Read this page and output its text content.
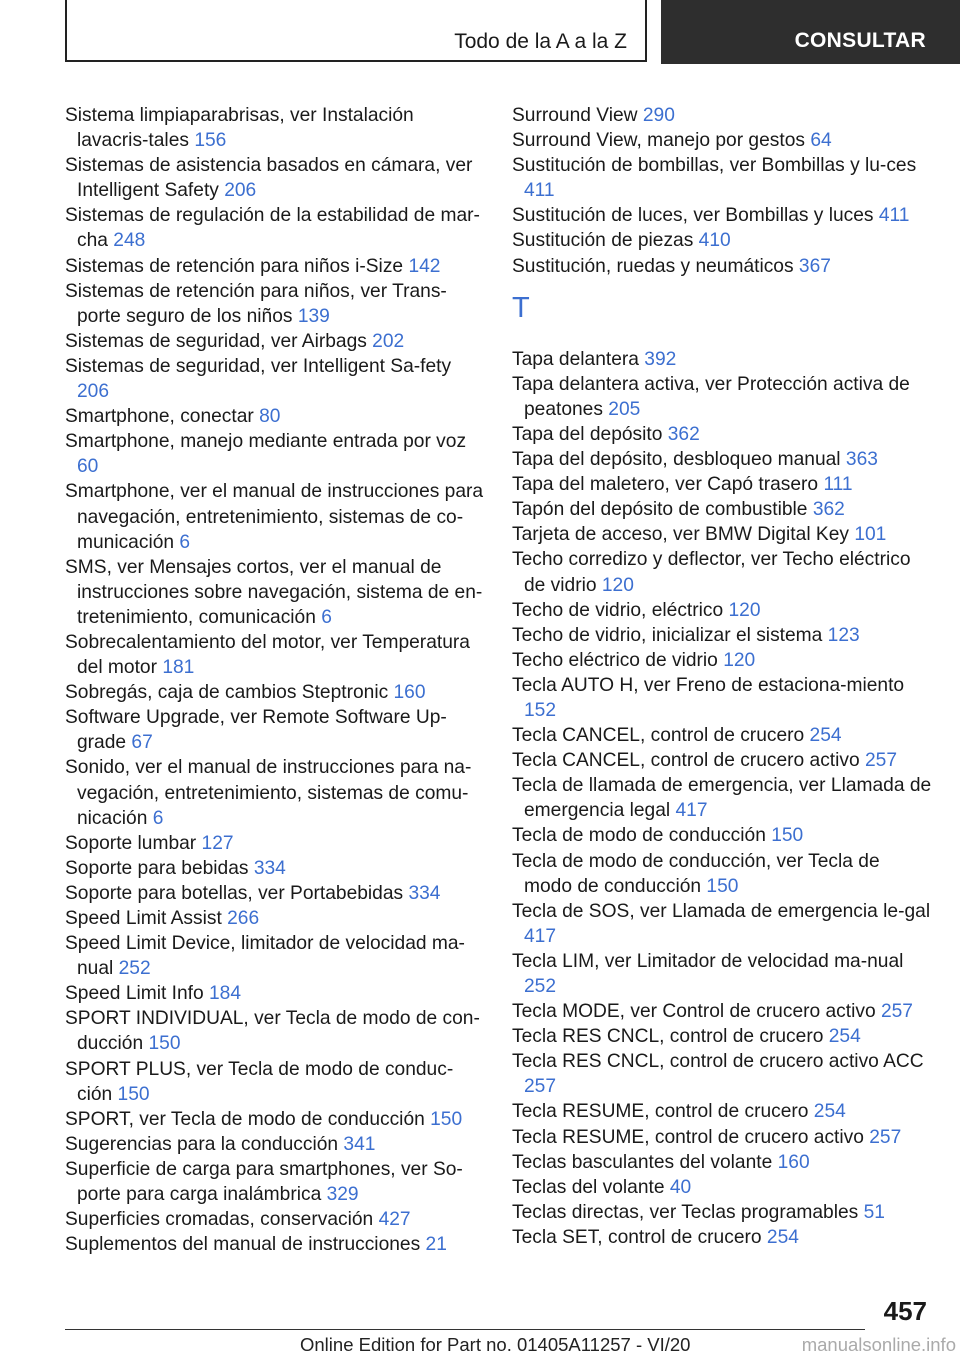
Todo de la A a la Z	CONSULTAR
Sistema limpiaparabrisas, ver Instalación lavacris-tales 156
Sistemas de asistencia basados en cámara, ver Intelligent Safety 206
Sistemas de regulación de la estabilidad de mar-cha 248
Sistemas de retención para niños i-Size 142
Sistemas de retención para niños, ver Trans-porte seguro de los niños 139
Sistemas de seguridad, ver Airbags 202
Sistemas de seguridad, ver Intelligent Sa-fety 206
Smartphone, conectar 80
Smartphone, manejo mediante entrada por voz 60
Smartphone, ver el manual de instrucciones para navegación, entretenimiento, sistemas de co-municación 6
SMS, ver Mensajes cortos, ver el manual de instrucciones sobre navegación, sistema de en-tretenimiento, comunicación 6
Sobrecalentamiento del motor, ver Temperatura del motor 181
Sobregás, caja de cambios Steptronic 160
Software Upgrade, ver Remote Software Up-grade 67
Sonido, ver el manual de instrucciones para na-vegación, entretenimiento, sistemas de comu-nicación 6
Soporte lumbar 127
Soporte para bebidas 334
Soporte para botellas, ver Portabebidas 334
Speed Limit Assist 266
Speed Limit Device, limitador de velocidad ma-nual 252
Speed Limit Info 184
SPORT INDIVIDUAL, ver Tecla de modo de con-ducción 150
SPORT PLUS, ver Tecla de modo de conduc-ción 150
SPORT, ver Tecla de modo de conducción 150
Sugerencias para la conducción 341
Superficie de carga para smartphones, ver So-porte para carga inalámbrica 329
Superficies cromadas, conservación 427
Suplementos del manual de instrucciones 21
Surround View 290
Surround View, manejo por gestos 64
Sustitución de bombillas, ver Bombillas y lu-ces 411
Sustitución de luces, ver Bombillas y luces 411
Sustitución de piezas 410
Sustitución, ruedas y neumáticos 367
T
Tapa delantera 392
Tapa delantera activa, ver Protección activa de peatones 205
Tapa del depósito 362
Tapa del depósito, desbloqueo manual 363
Tapa del maletero, ver Capó trasero 111
Tapón del depósito de combustible 362
Tarjeta de acceso, ver BMW Digital Key 101
Techo corredizo y deflector, ver Techo eléctrico de vidrio 120
Techo de vidrio, eléctrico 120
Techo de vidrio, inicializar el sistema 123
Techo eléctrico de vidrio 120
Tecla AUTO H, ver Freno de estaciona-miento 152
Tecla CANCEL, control de crucero 254
Tecla CANCEL, control de crucero activo 257
Tecla de llamada de emergencia, ver Llamada de emergencia legal 417
Tecla de modo de conducción 150
Tecla de modo de conducción, ver Tecla de modo de conducción 150
Tecla de SOS, ver Llamada de emergencia le-gal 417
Tecla LIM, ver Limitador de velocidad ma-nual 252
Tecla MODE, ver Control de crucero activo 257
Tecla RES CNCL, control de crucero 254
Tecla RES CNCL, control de crucero activo ACC 257
Tecla RESUME, control de crucero 254
Tecla RESUME, control de crucero activo 257
Teclas basculantes del volante 160
Teclas del volante 40
Teclas directas, ver Teclas programables 51
Tecla SET, control de crucero 254
457
Online Edition for Part no. 01405A11257 - VI/20	manualsonline.info
